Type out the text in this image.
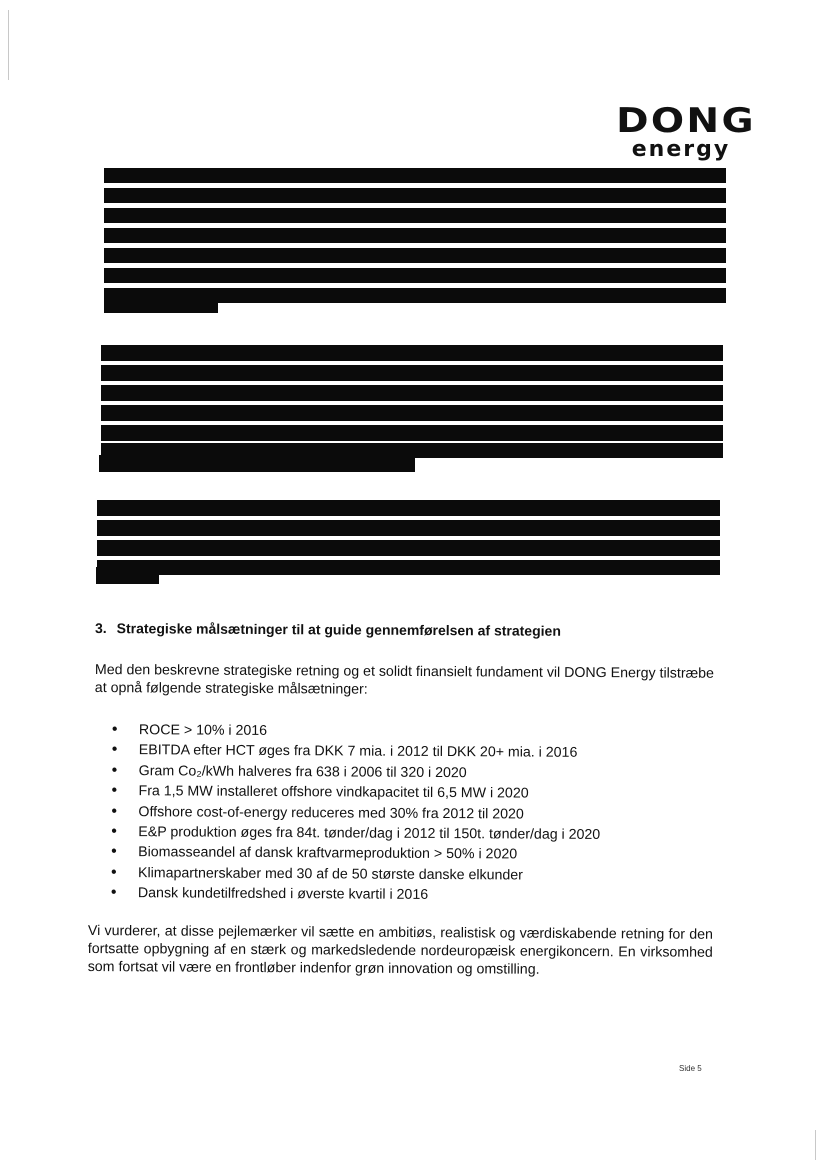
DONG
energy
3. Strategiske målsætninger til at guide gennemførelsen af strategien
Med den beskrevne strategiske retning og et solidt finansielt fundament vil DONG Energy tilstræbe at opnå følgende strategiske målsætninger:
• ROCE > 10% i 2016
• EBITDA efter HCT øges fra DKK 7 mia. i 2012 til DKK 20+ mia. i 2016
• Gram Co₂/kWh halveres fra 638 i 2006 til 320 i 2020
• Fra 1,5 MW installeret offshore vindkapacitet til 6,5 MW i 2020
• Offshore cost-of-energy reduceres med 30% fra 2012 til 2020
• E&P produktion øges fra 84t. tønder/dag i 2012 til 150t. tønder/dag i 2020
• Biomasseandel af dansk kraftvarmeproduktion > 50% i 2020
• Klimapartnerskaber med 30 af de 50 største danske elkunder
• Dansk kundetilfredshed i øverste kvartil i 2016
Vi vurderer, at disse pejlemærker vil sætte en ambitiøs, realistisk og værdiskabende retning for den fortsatte opbygning af en stærk og markedsledende nordeuropæisk energikoncern. En virksomhed som fortsat vil være en frontløber indenfor grøn innovation og omstilling.
Side 5
